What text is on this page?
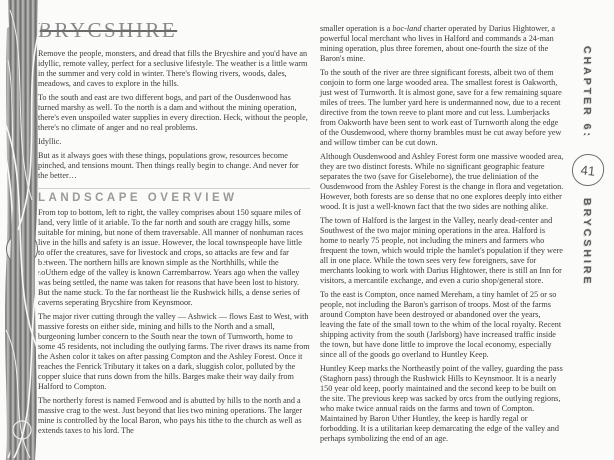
BRYCSHIRE

Remove the people, monsters, and dread that fills the Brycshire and you'd have an idyllic, remote valley, perfect for a seclusive lifestyle. The weather is a little warm in the summer and very cold in winter. There's flowing rivers, woods, dales, meadows, and caves to explore in the hills.

To the south and east are two different bogs, and part of the Ousdenwood has turned marshy as well. To the north is a dam and without the mining operation, there's even unspoiled water supplies in every direction. Heck, without the people, there's no climate of anger and no real problems.

Idyllic.

But as it always goes with these things, populations grow, resources become pinched, and tensions mount. Then things really begin to change. And never for the better…

LANDSCAPE OVERVIEW

From top to bottom, left to right, the valley comprises about 150 square miles of land, very little of it ariable. To the far north and south are craggy hills, some suitable for mining, but none of them traversable. All manner of nonhuman races live in the hills and safety is an issue. However, the local townspeople have little to offer the creatures, save for livestock and crops, so attacks are few and far between. The northern hills are known simple as the Northhills, while the soUthern edge of the valley is known Carrembarrow. Years ago when the valley was being settled, the name was taken for reasons that have been lost to history. But the name stuck. To the far northeast lie the Rushwick hills, a dense series of caverns seperating Brycshire from Keynsmoor.

The major river cutting through the valley — Ashwick — flows East to West, with massive forests on either side, mining and hills to the North and a small, burgeoning lumber concern to the South near the town of Turnworth, home to some 45 residents, not including the outlying farms. The river draws its name from the Ashen color it takes on after passing Compton and the Ashley Forest. Once it reaches the Fenrick Tributary it takes on a dark, sluggish color, polluted by the copper sluice that runs down from the hills. Barges make their way daily from Halford to Compton.

The northerly forest is named Fenwood and is abutted by hills to the north and a massive crag to the west. Just beyond that lies two mining operations. The larger mine is controlled by the local Baron, who pays his tithe to the church as well as extends taxes to his lord. The

smaller operation is a boc-land charter operated by Darius Hightower, a powerful local merchant who lives in Halford and commands a 24-man mining operation, plus three foremen, about one-fourth the size of the Baron's mine.

To the south of the river are three significant forests, albeit two of them conjoin to form one large wooded area. The smallest forest is Oakworth, just west of Turnworth. It is almost gone, save for a few remaining square miles of trees. The lumber yard here is undermanned now, due to a recent directive from the town reeve to plant more and cut less. Lumberjacks from Oakworth have been sent to work east of Turnworth along the edge of the Ousdenwood, where thorny brambles must be cut away before yew and willow timber can be cut down.

Although Ousdenwood and Ashley Forest form one massive wooded area, they are two distinct forests. While no significant geographic feature separates the two (save for Giseleborne), the true deliniation of the Ousdenwood from the Ashley Forest is the change in flora and vegetation. However, both forests are so dense that no one explores deeply into either wood. It is just a well-known fact that the two sides are nothing alike.

The town of Halford is the largest in the Valley, nearly dead-center and Southwest of the two major mining operations in the area. Halford is home to nearly 75 people, not including the miners and farmers who frequent the town, which would triple the hamlet's population if they were all in one place. While the town sees very few foreigners, save for merchants looking to work with Darius Hightower, there is still an Inn for visitors, a mercantile exchange, and even a curio shop/general store.

To the east is Compton, once named Mereham, a tiny hamlet of 25 or so people, not including the Baron's garrison of troops. Most of the farms around Compton have been destroyed or abandoned over the years, leaving the fate of the small town to the whim of the local royalty. Recent shipping activity from the south (Jarlsborg) have increased traffic inside the town, but have done little to improve the local economy, especially since all of the goods go overland to Huntley Keep.

Huntley Keep marks the Northeastly point of the valley, guarding the pass (Staghorn pass) through the Rushwick Hills to Keynsmoor. It is a nearly 150 year old keep, poorly maintained and the second keep to be built on the site. The previous keep was sacked by orcs from the outlying regions, who make twice annual raids on the farms and town of Compton. Maintained by Baron Uther Huntley, the keep is hardly regal or forbodding. It is a utilitarian keep demarcating the edge of the valley and perhaps symbolizing the end of an age.

CHAPTER 6:
41
BRYCSHIRE
